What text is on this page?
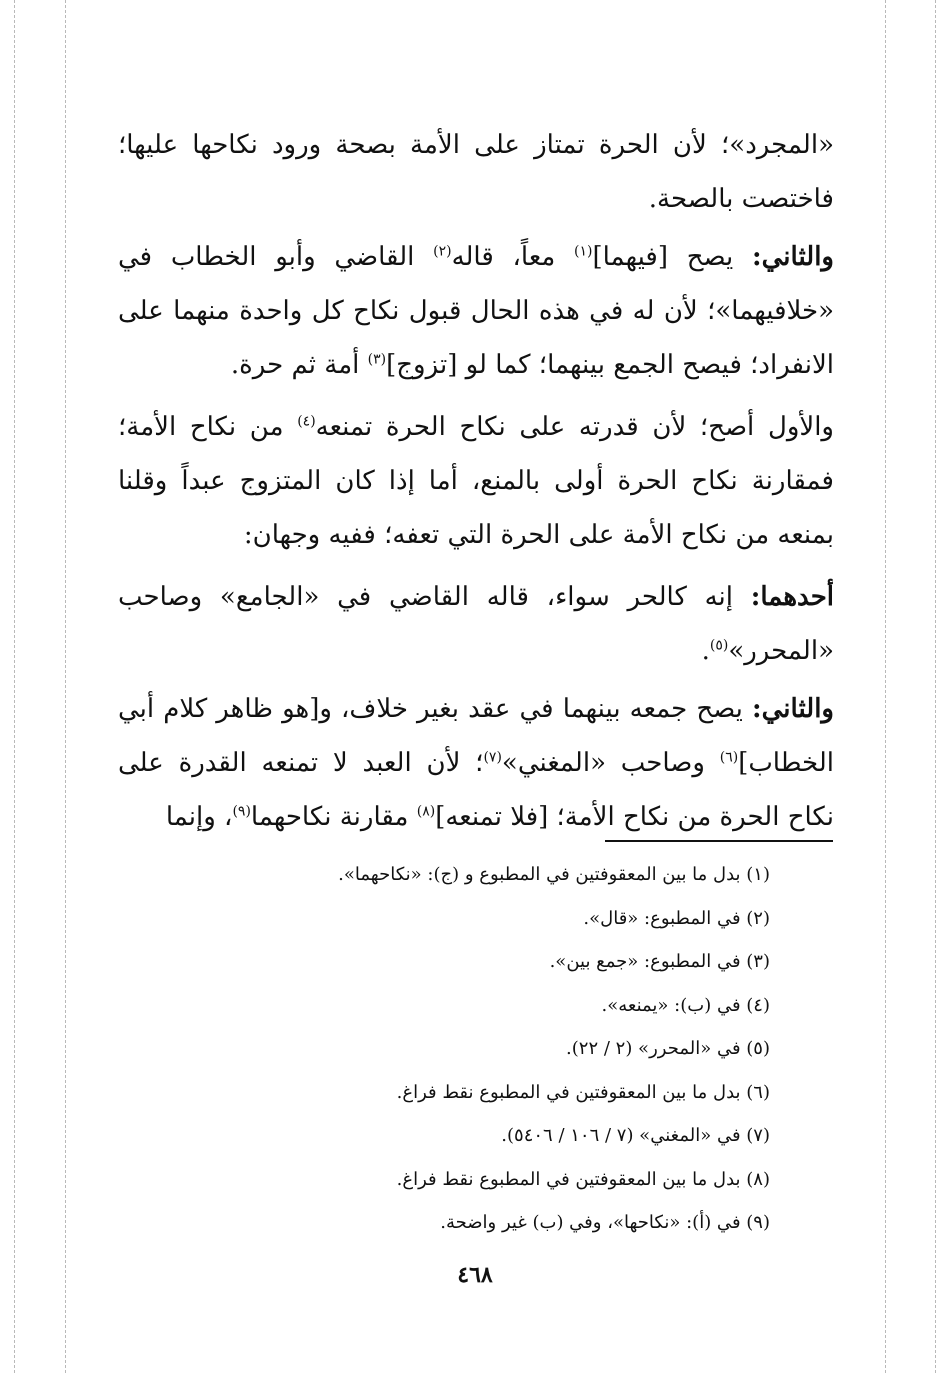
«المجرد»؛ لأن الحرة تمتاز على الأمة بصحة ورود نكاحها عليها؛ فاختصت بالصحة.

والثاني: يصح [فيهما]$^{(١)}$ معاً، قاله$^{(٢)}$ القاضي وأبو الخطاب في «خلافيهما»؛ لأن له في هذه الحال قبول نكاح كل واحدة منهما على الانفراد؛ فيصح الجمع بينهما؛ كما لو [تزوج]$^{(٣)}$ أمة ثم حرة.

والأول أصح؛ لأن قدرته على نكاح الحرة تمنعه$^{(٤)}$ من نكاح الأمة؛ فمقارنة نكاح الحرة أولى بالمنع، أما إذا كان المتزوج عبداً وقلنا بمنعه من نكاح الأمة على الحرة التي تعفه؛ ففيه وجهان:

أحدهما: إنه كالحر سواء، قاله القاضي في «الجامع» وصاحب «المحرر»$^{(٥)}$.

والثاني: يصح جمعه بينهما في عقد بغير خلاف، و[هو ظاهر كلام أبي الخطاب]$^{(٦)}$ وصاحب «المغني»$^{(٧)}$؛ لأن العبد لا تمنعه القدرة على نكاح الحرة من نكاح الأمة؛ [فلا تمنعه]$^{(٨)}$ مقارنة نكاحهما$^{(٩)}$، وإنما

(١) بدل ما بين المعقوفتين في المطبوع و (ج): «نكاحهما».
(٢) في المطبوع: «قال».
(٣) في المطبوع: «جمع بين».
(٤) في (ب): «يمنعه».
(٥) في «المحرر» (٢ / ٢٢).
(٦) بدل ما بين المعقوفتين في المطبوع نقط فراغ.
(٧) في «المغني» (٧ / ١٠٦ / ٥٤٠٦).
(٨) بدل ما بين المعقوفتين في المطبوع نقط فراغ.
(٩) في (أ): «نكاحها»، وفي (ب) غير واضحة.
٤٦٨
